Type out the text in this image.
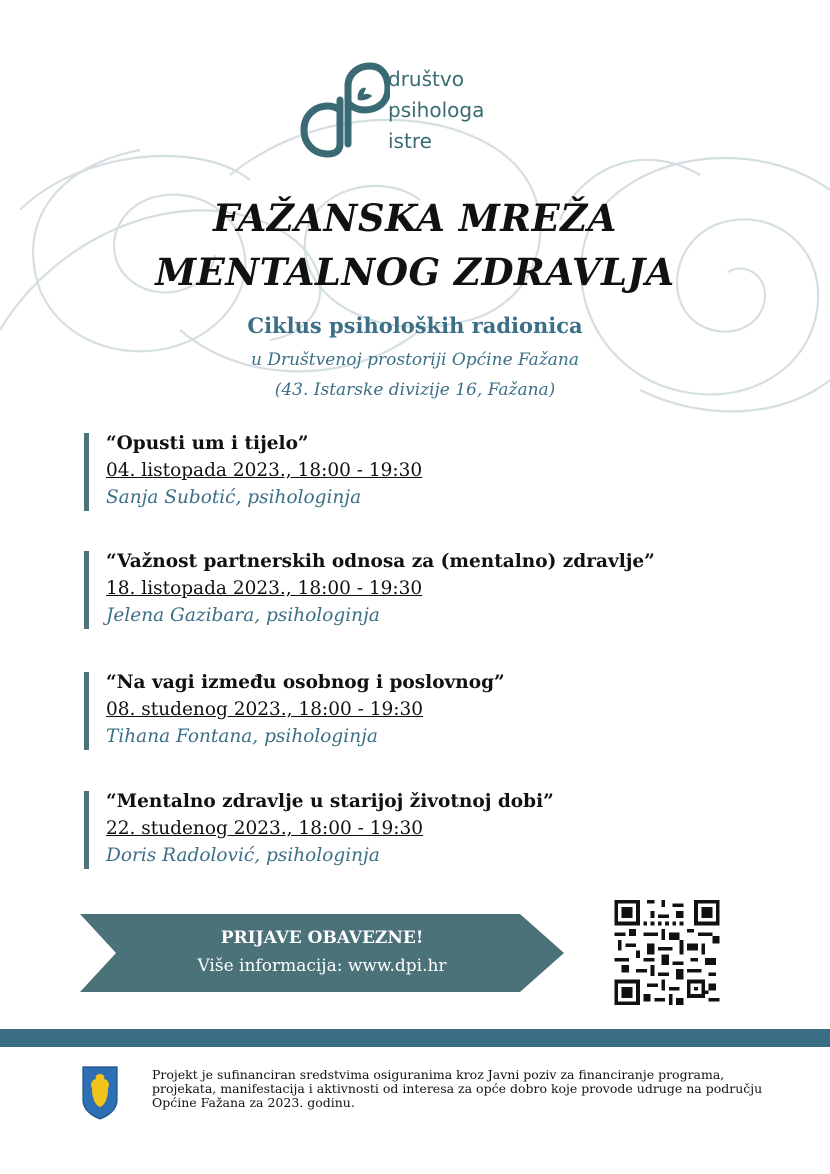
društvo
psihologa
istre
FAŽANSKA MREŽA
MENTALNOG ZDRAVLJA
Ciklus psiholoških radionica
u Društvenoj prostoriji Općine Fažana
(43. Istarske divizije 16, Fažana)
“Opusti um i tijelo”
04. listopada 2023., 18:00 - 19:30
Sanja Subotić, psihologinja
“Važnost partnerskih odnosa za (mentalno) zdravlje”
18. listopada 2023., 18:00 - 19:30
Jelena Gazibara, psihologinja
“Na vagi između osobnog i poslovnog”
08. studenog 2023., 18:00 - 19:30
Tihana Fontana, psihologinja
“Mentalno zdravlje u starijoj životnoj dobi”
22. studenog 2023., 18:00 - 19:30
Doris Radolović, psihologinja
PRIJAVE OBAVEZNE!
Više informacija: www.dpi.hr
Projekt je sufinanciran sredstvima osiguranima kroz Javni poziv za financiranje programa, projekata, manifestacija i aktivnosti od interesa za opće dobro koje provode udruge na području Općine Fažana za 2023. godinu.
